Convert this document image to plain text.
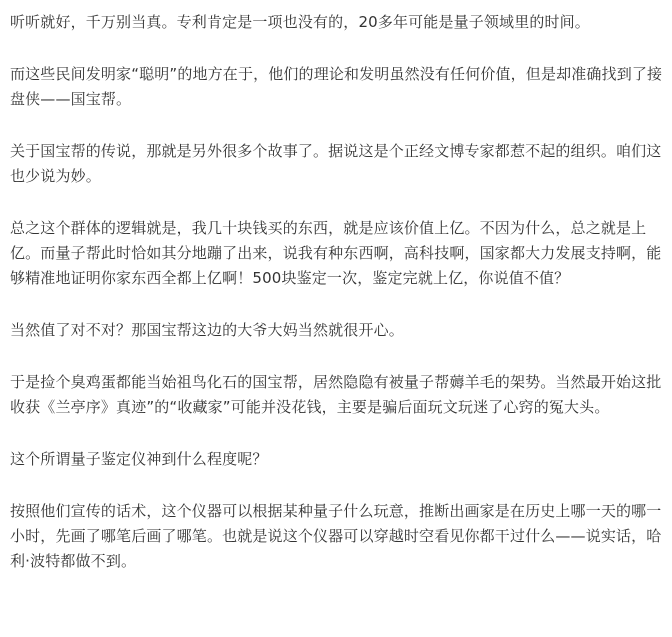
听听就好，千万别当真。专利肯定是一项也没有的，20多年可能是量子领域里的时间。

而这些民间发明家“聪明”的地方在于，他们的理论和发明虽然没有任何价值，但是却准确找到了接盘侠——国宝帮。

关于国宝帮的传说，那就是另外很多个故事了。据说这是个正经文博专家都惹不起的组织。咱们这也少说为妙。

总之这个群体的逻辑就是，我几十块钱买的东西，就是应该价值上亿。不因为什么，总之就是上亿。而量子帮此时恰如其分地蹦了出来，说我有种东西啊，高科技啊，国家都大力发展支持啊，能够精准地证明你家东西全都上亿啊！500块鉴定一次，鉴定完就上亿，你说值不值？

当然值了对不对？那国宝帮这边的大爷大妈当然就很开心。

于是捡个臭鸡蛋都能当始祖鸟化石的国宝帮，居然隐隐有被量子帮薅羊毛的架势。当然最开始这批收获《兰亭序》真迹”的“收藏家”可能并没花钱，主要是骗后面玩文玩迷了心窍的冤大头。

这个所谓量子鉴定仪神到什么程度呢？

按照他们宣传的话术，这个仪器可以根据某种量子什么玩意，推断出画家是在历史上哪一天的哪一小时，先画了哪笔后画了哪笔。也就是说这个仪器可以穿越时空看见你都干过什么——说实话，哈利·波特都做不到。
